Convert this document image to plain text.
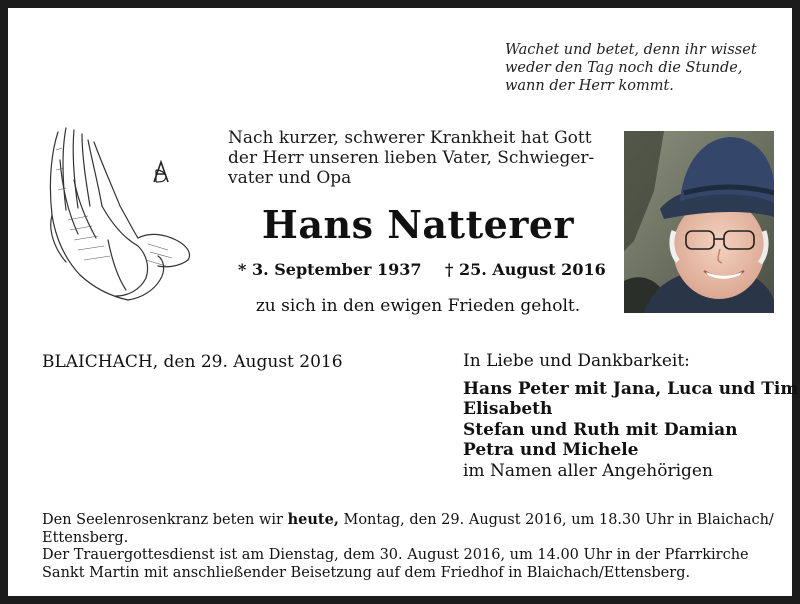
Wachet und betet, denn ihr wisset
weder den Tag noch die Stunde,
wann der Herr kommt.
Nach kurzer, schwerer Krankheit hat Gott
der Herr unseren lieben Vater, Schwieger-
vater und Opa
Hans Natterer
* 3. September 1937 † 25. August 2016
zu sich in den ewigen Frieden geholt.
BLAICHACH, den 29. August 2016	In Liebe und Dankbarkeit:
Hans Peter mit Jana, Luca und Tim
Elisabeth
Stefan und Ruth mit Damian
Petra und Michele
im Namen aller Angehörigen
Den Seelenrosenkranz beten wir heute, Montag, den 29. August 2016, um 18.30 Uhr in Blaichach/
Ettensberg.
Der Trauergottesdienst ist am Dienstag, dem 30. August 2016, um 14.00 Uhr in der Pfarrkirche
Sankt Martin mit anschließender Beisetzung auf dem Friedhof in Blaichach/Ettensberg.
